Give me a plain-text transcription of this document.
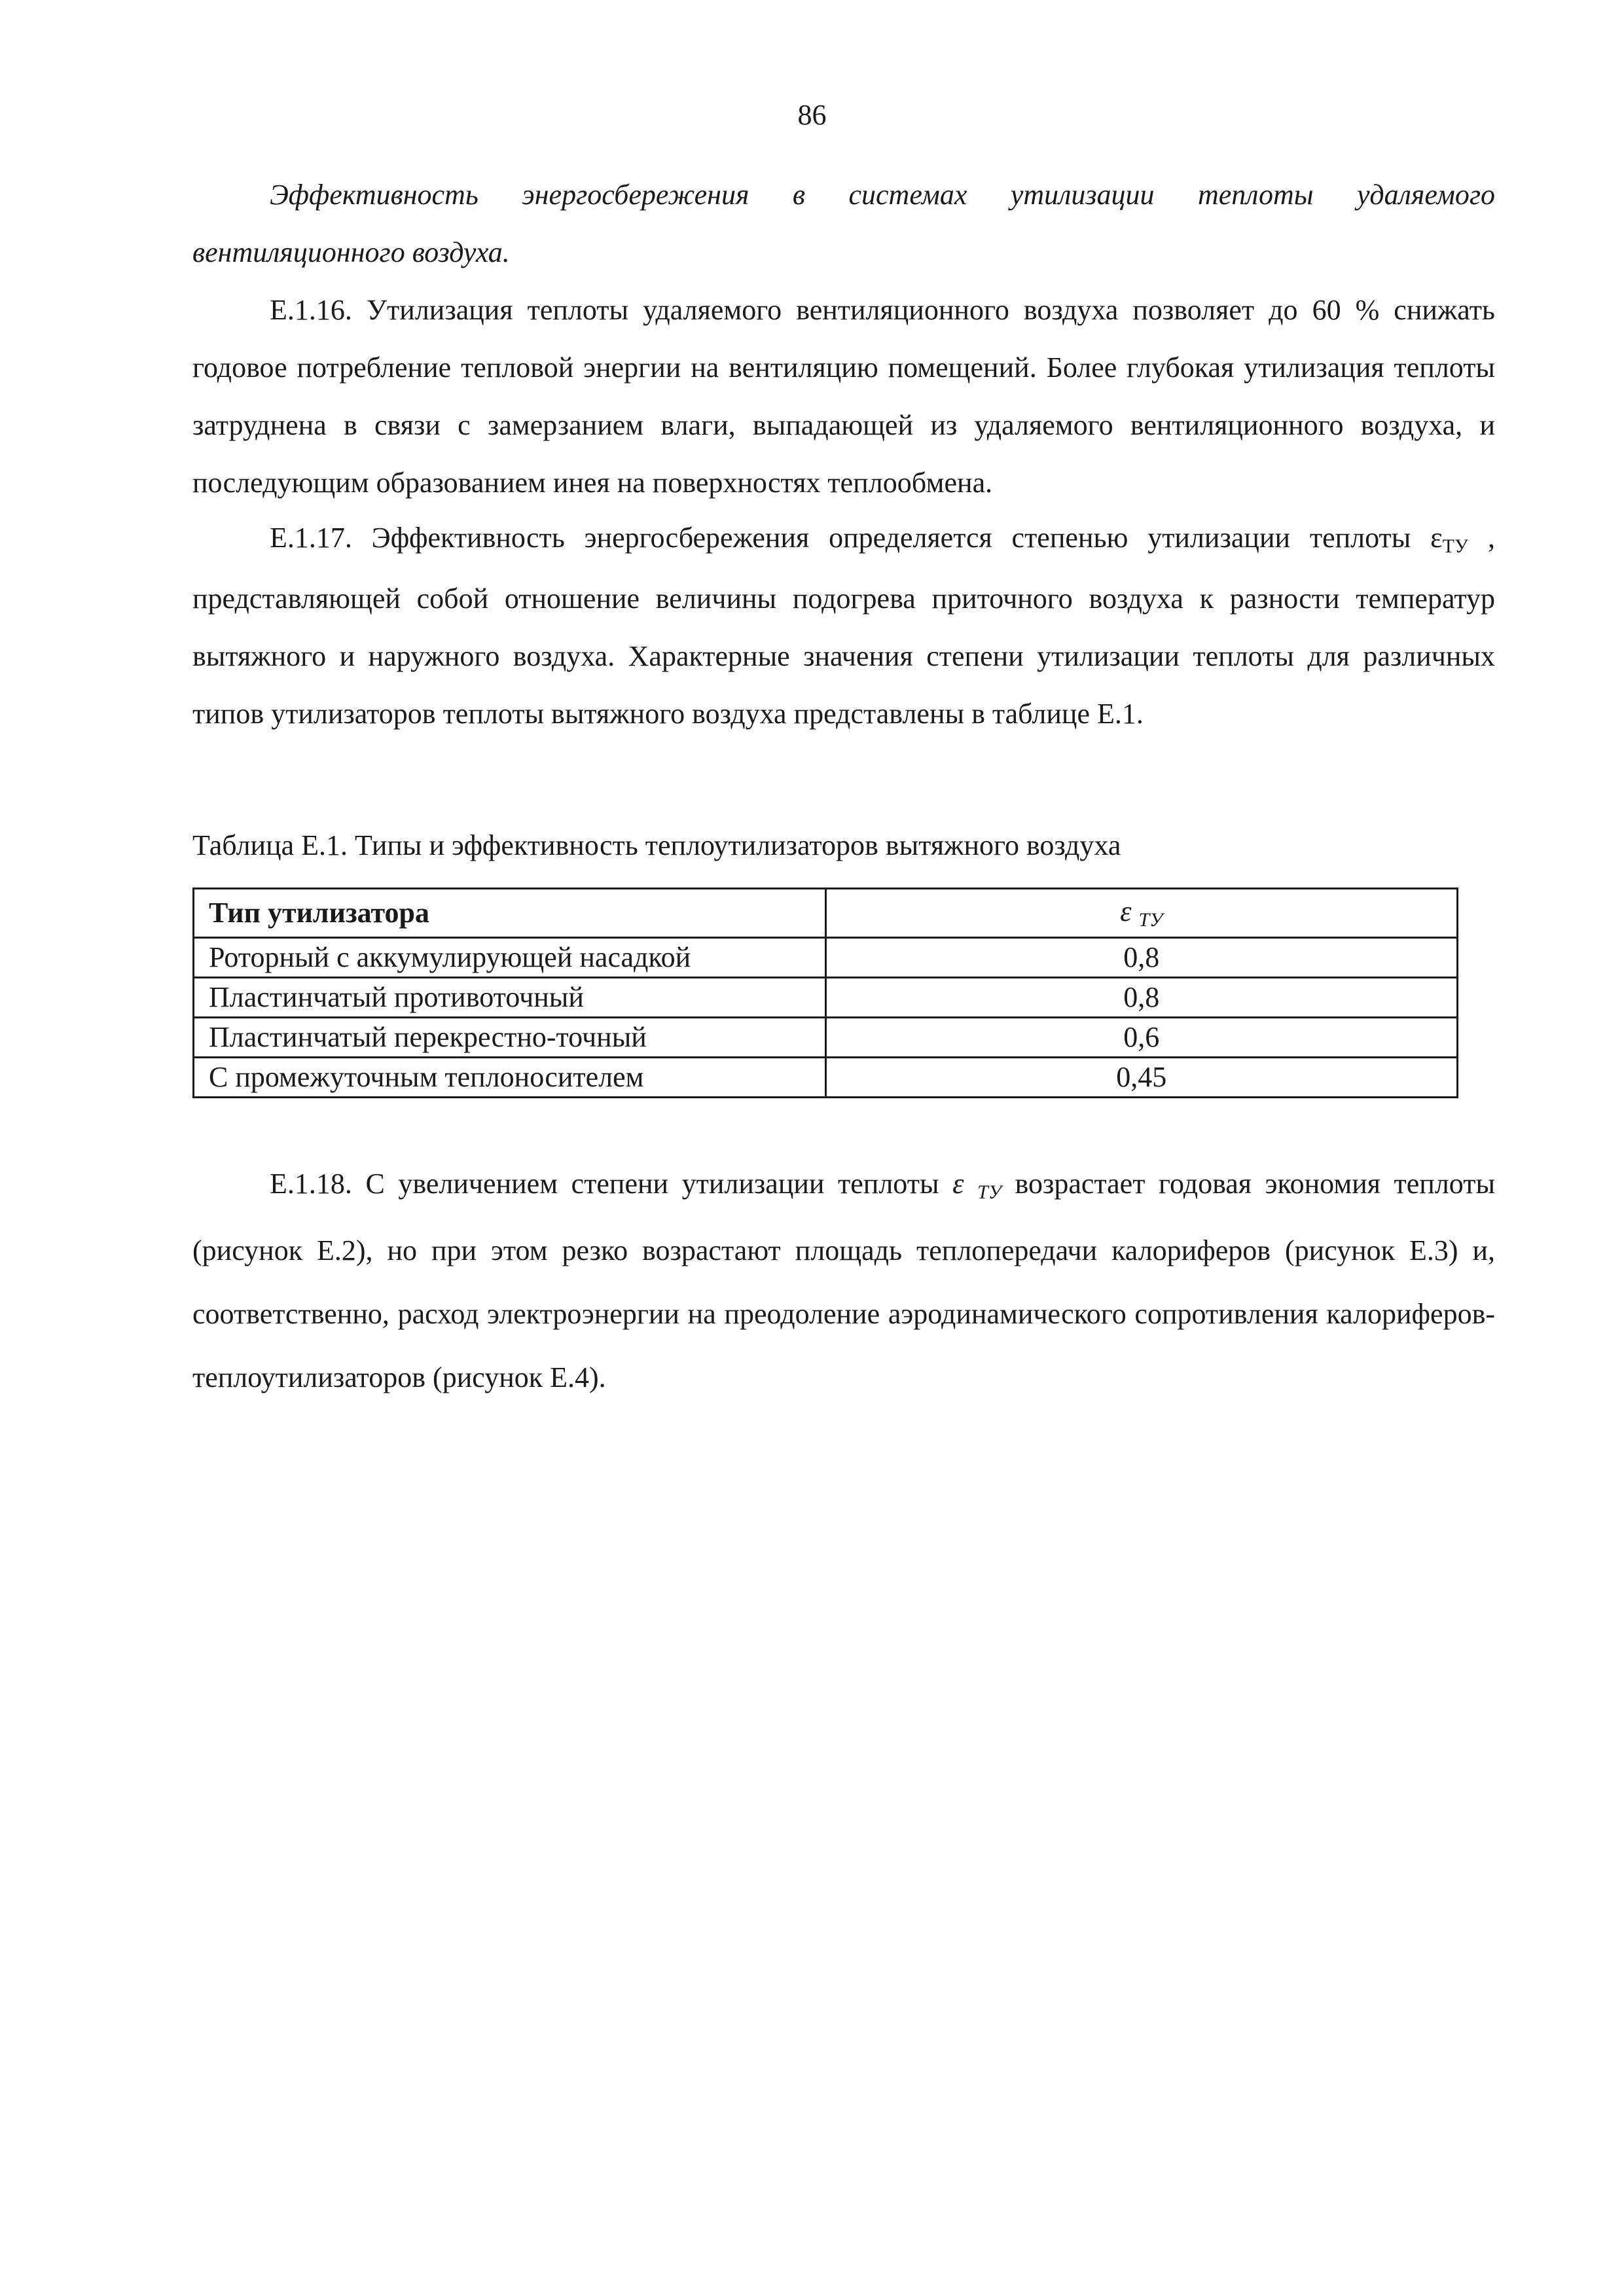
86

Эффективность энергосбережения в системах утилизации теплоты удаляемого вентиляционного воздуха.

Е.1.16. Утилизация теплоты удаляемого вентиляционного воздуха позволяет до 60 % снижать годовое потребление тепловой энергии на вентиляцию помещений. Более глубокая утилизация теплоты затруднена в связи с замерзанием влаги, выпадающей из удаляемого вентиляционного воздуха, и последующим образованием инея на поверхностях теплообмена.

Е.1.17. Эффективность энергосбережения определяется степенью утилизации теплоты εТУ , представляющей собой отношение величины подогрева приточного воздуха к разности температур вытяжного и наружного воздуха. Характерные значения степени утилизации теплоты для различных типов утилизаторов теплоты вытяжного воздуха представлены в таблице Е.1.

Таблица Е.1. Типы и эффективность теплоутилизаторов вытяжного воздуха
Тип утилизатора	ε ТУ
Роторный с аккумулирующей насадкой	0,8
Пластинчатый противоточный	0,8
Пластинчатый перекрестно-точный	0,6
С промежуточным теплоносителем	0,45

Е.1.18. С увеличением степени утилизации теплоты ε ТУ возрастает годовая экономия теплоты (рисунок Е.2), но при этом резко возрастают площадь теплопередачи калориферов (рисунок Е.3) и, соответственно, расход электроэнергии на преодоление аэродинамического сопротивления калориферов-теплоутилизаторов (рисунок Е.4).
